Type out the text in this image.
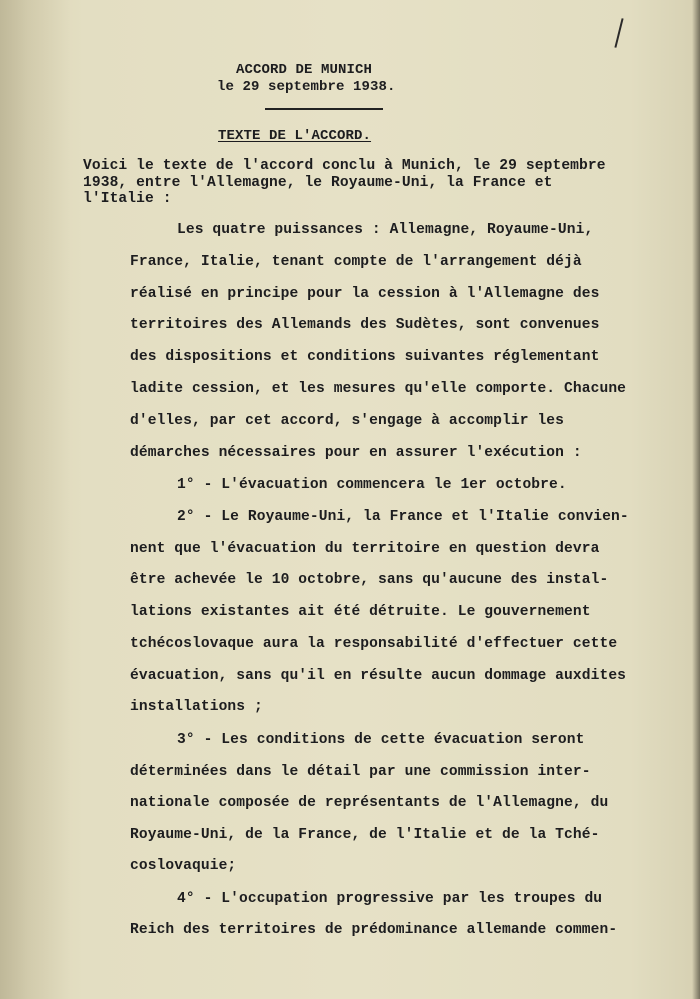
ACCORD DE MUNICH
le 29 septembre 1938.
TEXTE DE L'ACCORD.
Voici le texte de l'accord conclu à Munich, le 29 septembre
1938, entre l'Allemagne, le Royaume-Uni, la France et
l'Italie :
Les quatre puissances : Allemagne, Royaume-Uni,
France, Italie, tenant compte de l'arrangement déjà
réalisé en principe pour la cession à l'Allemagne des
territoires des Allemands des Sudètes, sont convenues
des dispositions et conditions suivantes réglementant
ladite cession, et les mesures qu'elle comporte. Chacune
d'elles, par cet accord, s'engage à accomplir les
démarches nécessaires pour en assurer l'exécution :
1° - L'évacuation commencera le 1er octobre.
2° - Le Royaume-Uni, la France et l'Italie convien-
nent que l'évacuation du territoire en question devra
être achevée le 10 octobre, sans qu'aucune des instal-
lations existantes ait été détruite. Le gouvernement
tchécoslovaque aura la responsabilité d'effectuer cette
évacuation, sans qu'il en résulte aucun dommage auxdites
installations ;
3° - Les conditions de cette évacuation seront
déterminées dans le détail par une commission inter-
nationale composée de représentants de l'Allemagne, du
Royaume-Uni, de la France, de l'Italie et de la Tché-
coslovaquie;
4° - L'occupation progressive par les troupes du
Reich des territoires de prédominance allemande commen-
